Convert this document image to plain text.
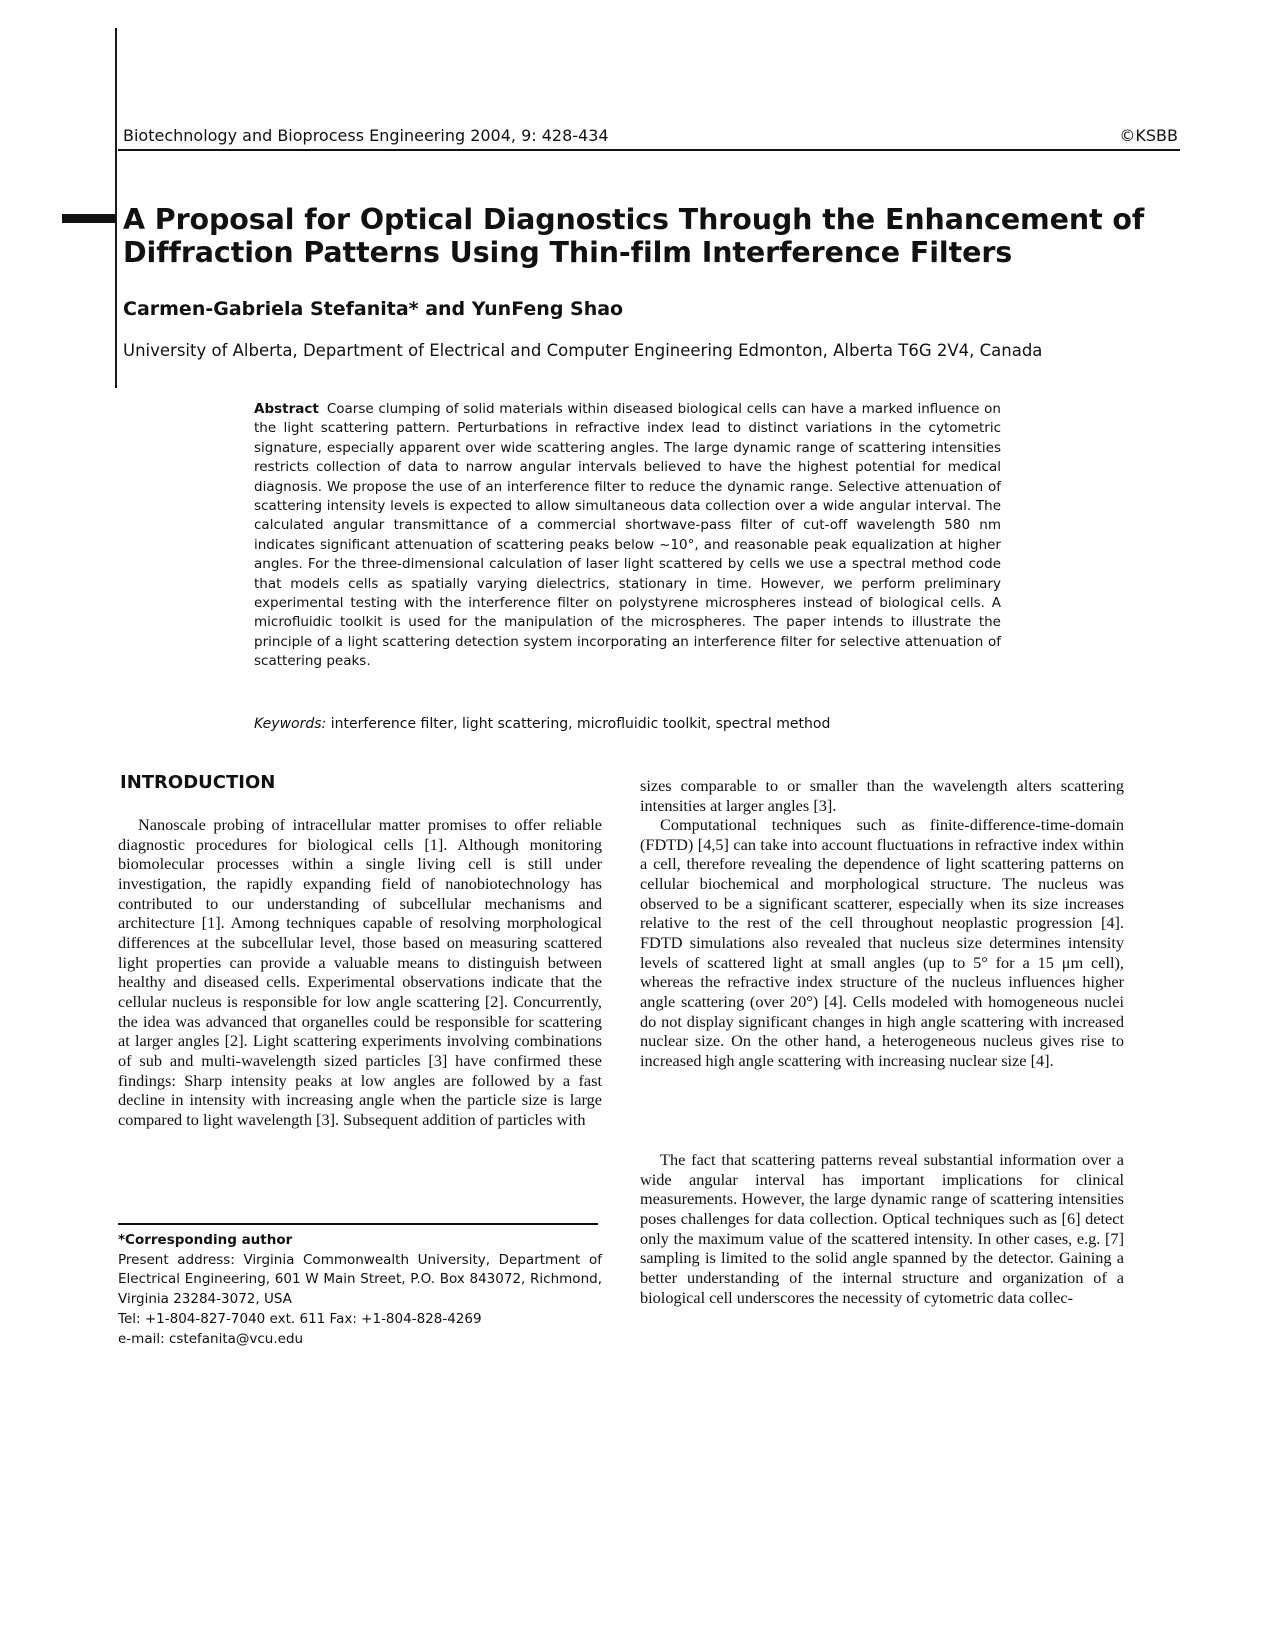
Biotechnology and Bioprocess Engineering 2004, 9: 428-434	©KSBB
A Proposal for Optical Diagnostics Through the Enhancement of Diffraction Patterns Using Thin-film Interference Filters
Carmen-Gabriela Stefanita* and YunFeng Shao
University of Alberta, Department of Electrical and Computer Engineering Edmonton, Alberta T6G 2V4, Canada

Abstract Coarse clumping of solid materials within diseased biological cells can have a marked influence on the light scattering pattern. Perturbations in refractive index lead to distinct variations in the cytometric signature, especially apparent over wide scattering angles. The large dynamic range of scattering intensities restricts collection of data to narrow angular intervals believed to have the highest potential for medical diagnosis. We propose the use of an interference filter to reduce the dynamic range. Selective attenuation of scattering intensity levels is expected to allow simultaneous data collection over a wide angular interval. The calculated angular transmittance of a commercial shortwave-pass filter of cut-off wavelength 580 nm indicates significant attenuation of scattering peaks below ~10°, and reasonable peak equalization at higher angles. For the three-dimensional calculation of laser light scattered by cells we use a spectral method code that models cells as spatially varying dielectrics, stationary in time. However, we perform preliminary experimental testing with the interference filter on polystyrene microspheres instead of biological cells. A microfluidic toolkit is used for the manipulation of the microspheres. The paper intends to illustrate the principle of a light scattering detection system incorporating an interference filter for selective attenuation of scattering peaks.

Keywords: interference filter, light scattering, microfluidic toolkit, spectral method
INTRODUCTION

Nanoscale probing of intracellular matter promises to offer reliable diagnostic procedures for biological cells [1]. Although monitoring biomolecular processes within a single living cell is still under investigation, the rapidly expanding field of nanobiotechnology has contributed to our understanding of subcellular mechanisms and architecture [1]. Among techniques capable of resolving morphological differences at the subcellular level, those based on measuring scattered light properties can provide a valuable means to distinguish between healthy and diseased cells. Experimental observations indicate that the cellular nucleus is responsible for low angle scattering [2]. Concurrently, the idea was advanced that organelles could be responsible for scattering at larger angles [2]. Light scattering experiments involving combinations of sub and multi-wavelength sized particles [3] have confirmed these findings: Sharp intensity peaks at low angles are followed by a fast decline in intensity with increasing angle when the particle size is large compared to light wavelength [3]. Subsequent addition of particles with

sizes comparable to or smaller than the wavelength alters scattering intensities at larger angles [3].

Computational techniques such as finite-difference-time-domain (FDTD) [4,5] can take into account fluctuations in refractive index within a cell, therefore revealing the dependence of light scattering patterns on cellular biochemical and morphological structure. The nucleus was observed to be a significant scatterer, especially when its size increases relative to the rest of the cell throughout neoplastic progression [4]. FDTD simulations also revealed that nucleus size determines intensity levels of scattered light at small angles (up to 5° for a 15 μm cell), whereas the refractive index structure of the nucleus influences higher angle scattering (over 20°) [4]. Cells modeled with homogeneous nuclei do not display significant changes in high angle scattering with increased nuclear size. On the other hand, a heterogeneous nucleus gives rise to increased high angle scattering with increasing nuclear size [4].

The fact that scattering patterns reveal substantial information over a wide angular interval has important implications for clinical measurements. However, the large dynamic range of scattering intensities poses challenges for data collection. Optical techniques such as [6] detect only the maximum value of the scattered intensity. In other cases, e.g. [7] sampling is limited to the solid angle spanned by the detector. Gaining a better understanding of the internal structure and organization of a biological cell underscores the necessity of cytometric data collec-

*Corresponding author
Present address: Virginia Commonwealth University, Department of Electrical Engineering, 601 W Main Street, P.O. Box 843072, Richmond, Virginia 23284-3072, USA
Tel: +1-804-827-7040 ext. 611 Fax: +1-804-828-4269
e-mail: cstefanita@vcu.edu
